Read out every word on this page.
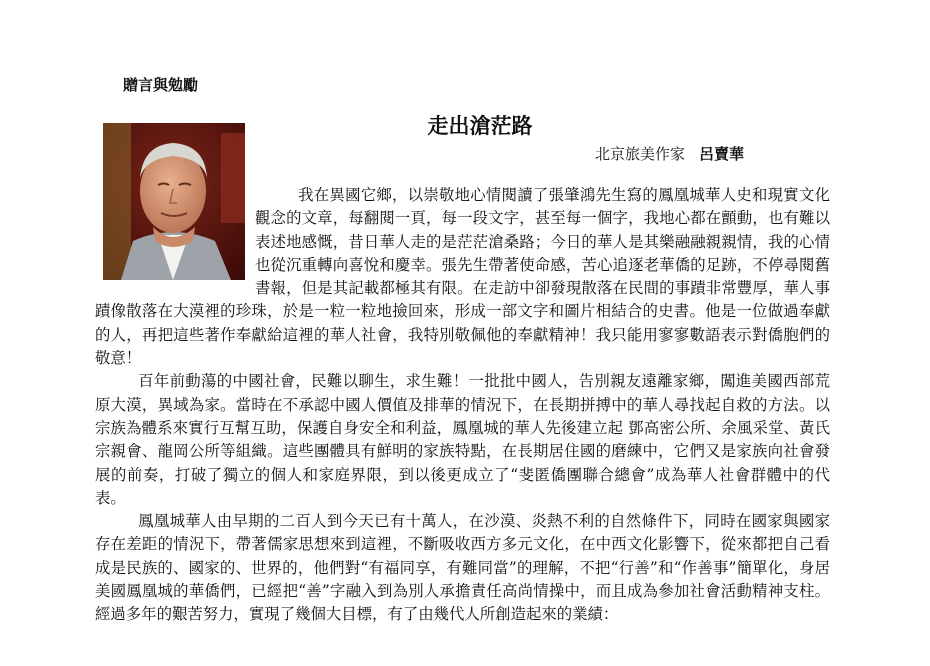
贈言與勉勵
走出滄茫路
北京旅美作家 呂賣華

我在異國它鄉，以崇敬地心情閱讀了張肇鴻先生寫的鳳凰城華人史和現實文化觀念的文章，每翻閱一頁，每一段文字，甚至每一個字，我地心都在顫動，也有難以表述地感慨，昔日華人走的是茫茫滄桑路；今日的華人是其樂融融親親情，我的心情也從沉重轉向喜悅和慶幸。張先生帶著使命感，苦心追逐老華僑的足跡，不停尋閱舊書報，但是其記載都極其有限。在走訪中卻發現散落在民間的事蹟非常豐厚，華人事蹟像散落在大漠裡的珍珠，於是一粒一粒地撿回來，形成一部文字和圖片相結合的史書。他是一位做過奉獻的人，再把這些著作奉獻給這裡的華人社會，我特別敬佩他的奉獻精神！我只能用寥寥數語表示對僑胞們的敬意！

百年前動蕩的中國社會，民難以聊生，求生難！一批批中國人，告別親友遠離家鄉，闖進美國西部荒原大漠，異域為家。當時在不承認中國人價值及排華的情況下，在長期拼搏中的華人尋找起自救的方法。以宗族為體系來實行互幫互助，保護自身安全和利益，鳳凰城的華人先後建立起 鄧高密公所、余風采堂、黃氏宗親會、龍岡公所等組織。這些團體具有鮮明的家族特點，在長期居住國的磨練中，它們又是家族向社會發展的前奏，打破了獨立的個人和家庭界限，到以後更成立了“斐匿僑團聯合總會”成為華人社會群體中的代表。

鳳凰城華人由早期的二百人到今天已有十萬人，在沙漠、炎熱不利的自然條件下，同時在國家與國家存在差距的情況下，帶著儒家思想來到這裡，不斷吸收西方多元文化，在中西文化影響下，從來都把自己看成是民族的、國家的、世界的，他們對“有福同享，有難同當”的理解，不把“行善”和“作善事”簡單化，身居美國鳳凰城的華僑們，已經把“善”字融入到為別人承擔責任高尚情操中，而且成為參加社會活動精神支柱。經過多年的艱苦努力，實現了幾個大目標，有了由幾代人所創造起來的業績：
